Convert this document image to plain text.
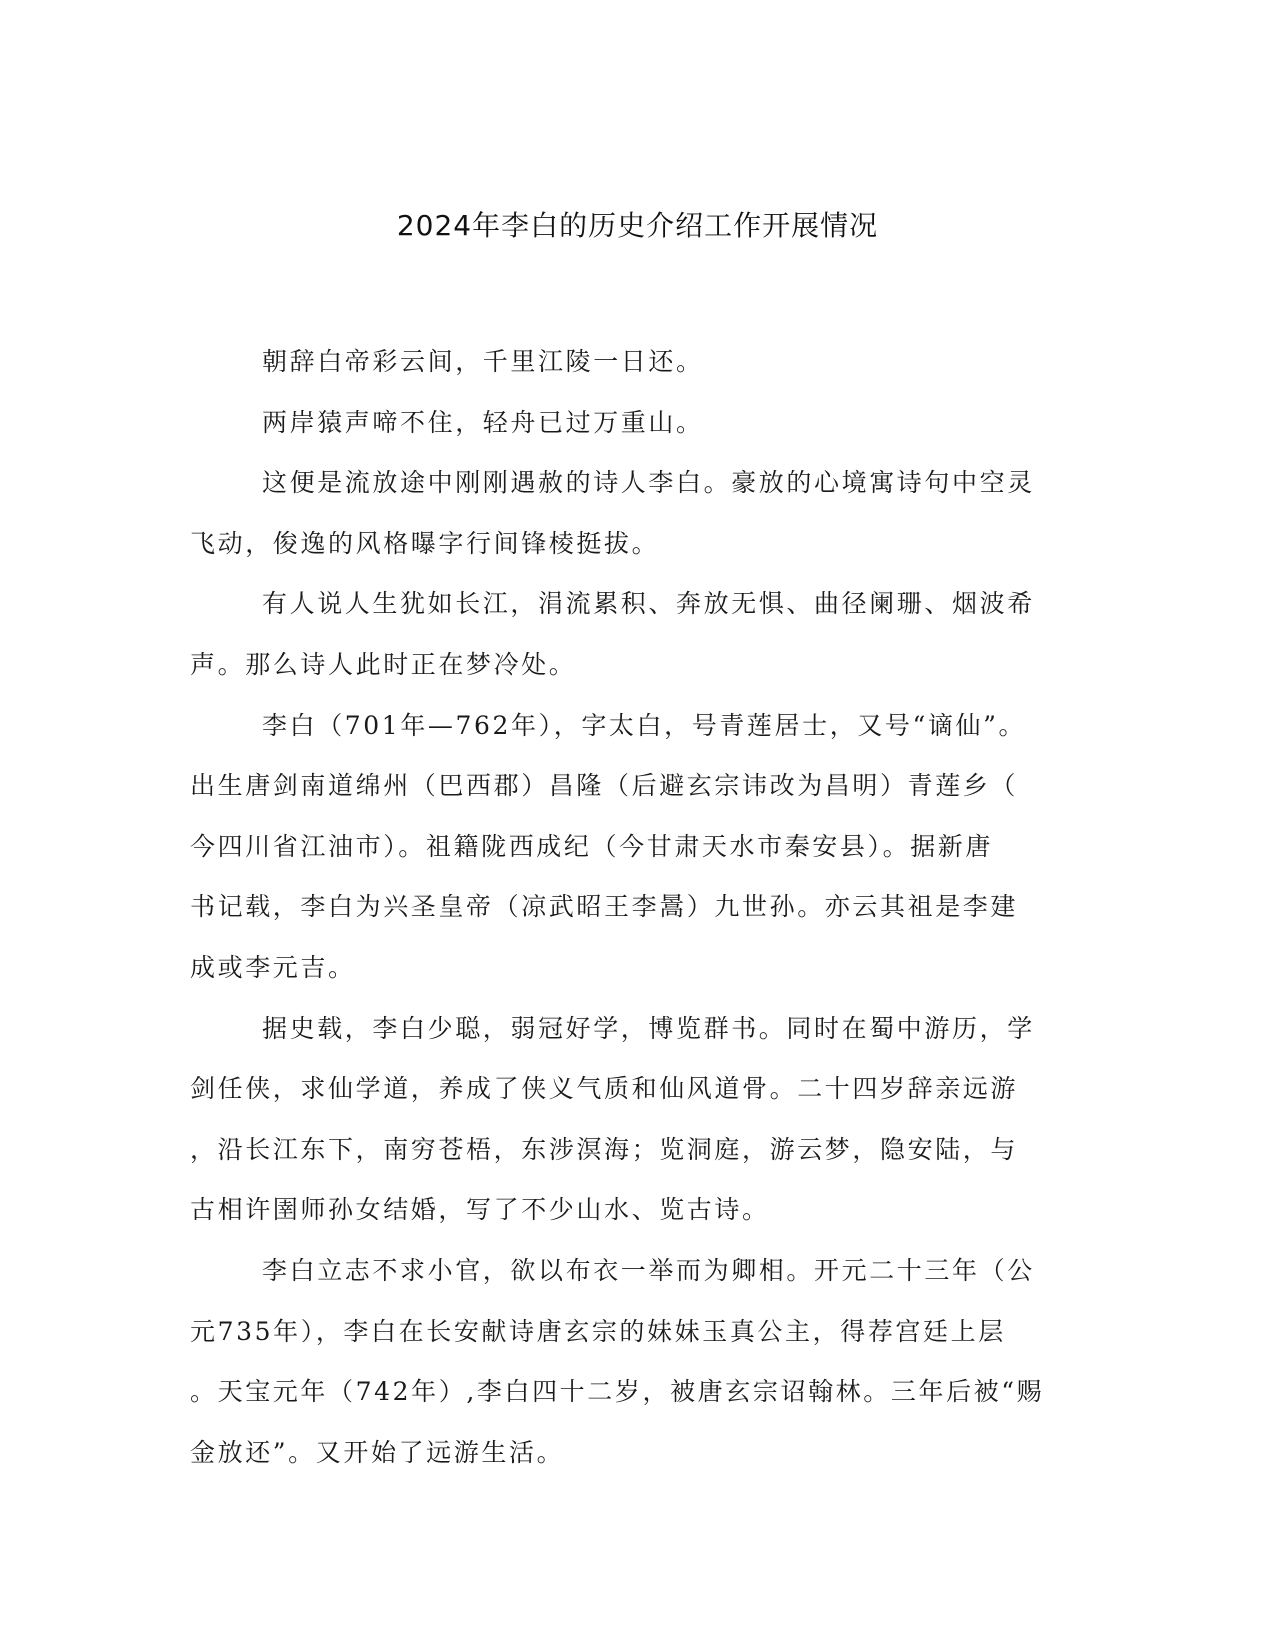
2024年李白的历史介绍工作开展情况
朝辞白帝彩云间，千里江陵一日还。
两岸猿声啼不住，轻舟已过万重山。
这便是流放途中刚刚遇赦的诗人李白。豪放的心境寓诗句中空灵
飞动，俊逸的风格曝字行间锋棱挺拔。
有人说人生犹如长江，涓流累积、奔放无惧、曲径阑珊、烟波希
声。那么诗人此时正在梦冷处。
李白（701年—762年），字太白，号青莲居士，又号“谪仙”。
出生唐剑南道绵州（巴西郡）昌隆（后避玄宗讳改为昌明）青莲乡（
今四川省江油市）。祖籍陇西成纪（今甘肃天水市秦安县）。据新唐
书记载，李白为兴圣皇帝（凉武昭王李暠）九世孙。亦云其祖是李建
成或李元吉。
据史载，李白少聪，弱冠好学，博览群书。同时在蜀中游历，学
剑任侠，求仙学道，养成了侠义气质和仙风道骨。二十四岁辞亲远游
，沿长江东下，南穷苍梧，东涉溟海；览洞庭，游云梦，隐安陆，与
古相许圉师孙女结婚，写了不少山水、览古诗。
李白立志不求小官，欲以布衣一举而为卿相。开元二十三年（公
元735年），李白在长安献诗唐玄宗的妹妹玉真公主，得荐宫廷上层
。天宝元年（742年）,李白四十二岁，被唐玄宗诏翰林。三年后被“赐
金放还”。又开始了远游生活。
